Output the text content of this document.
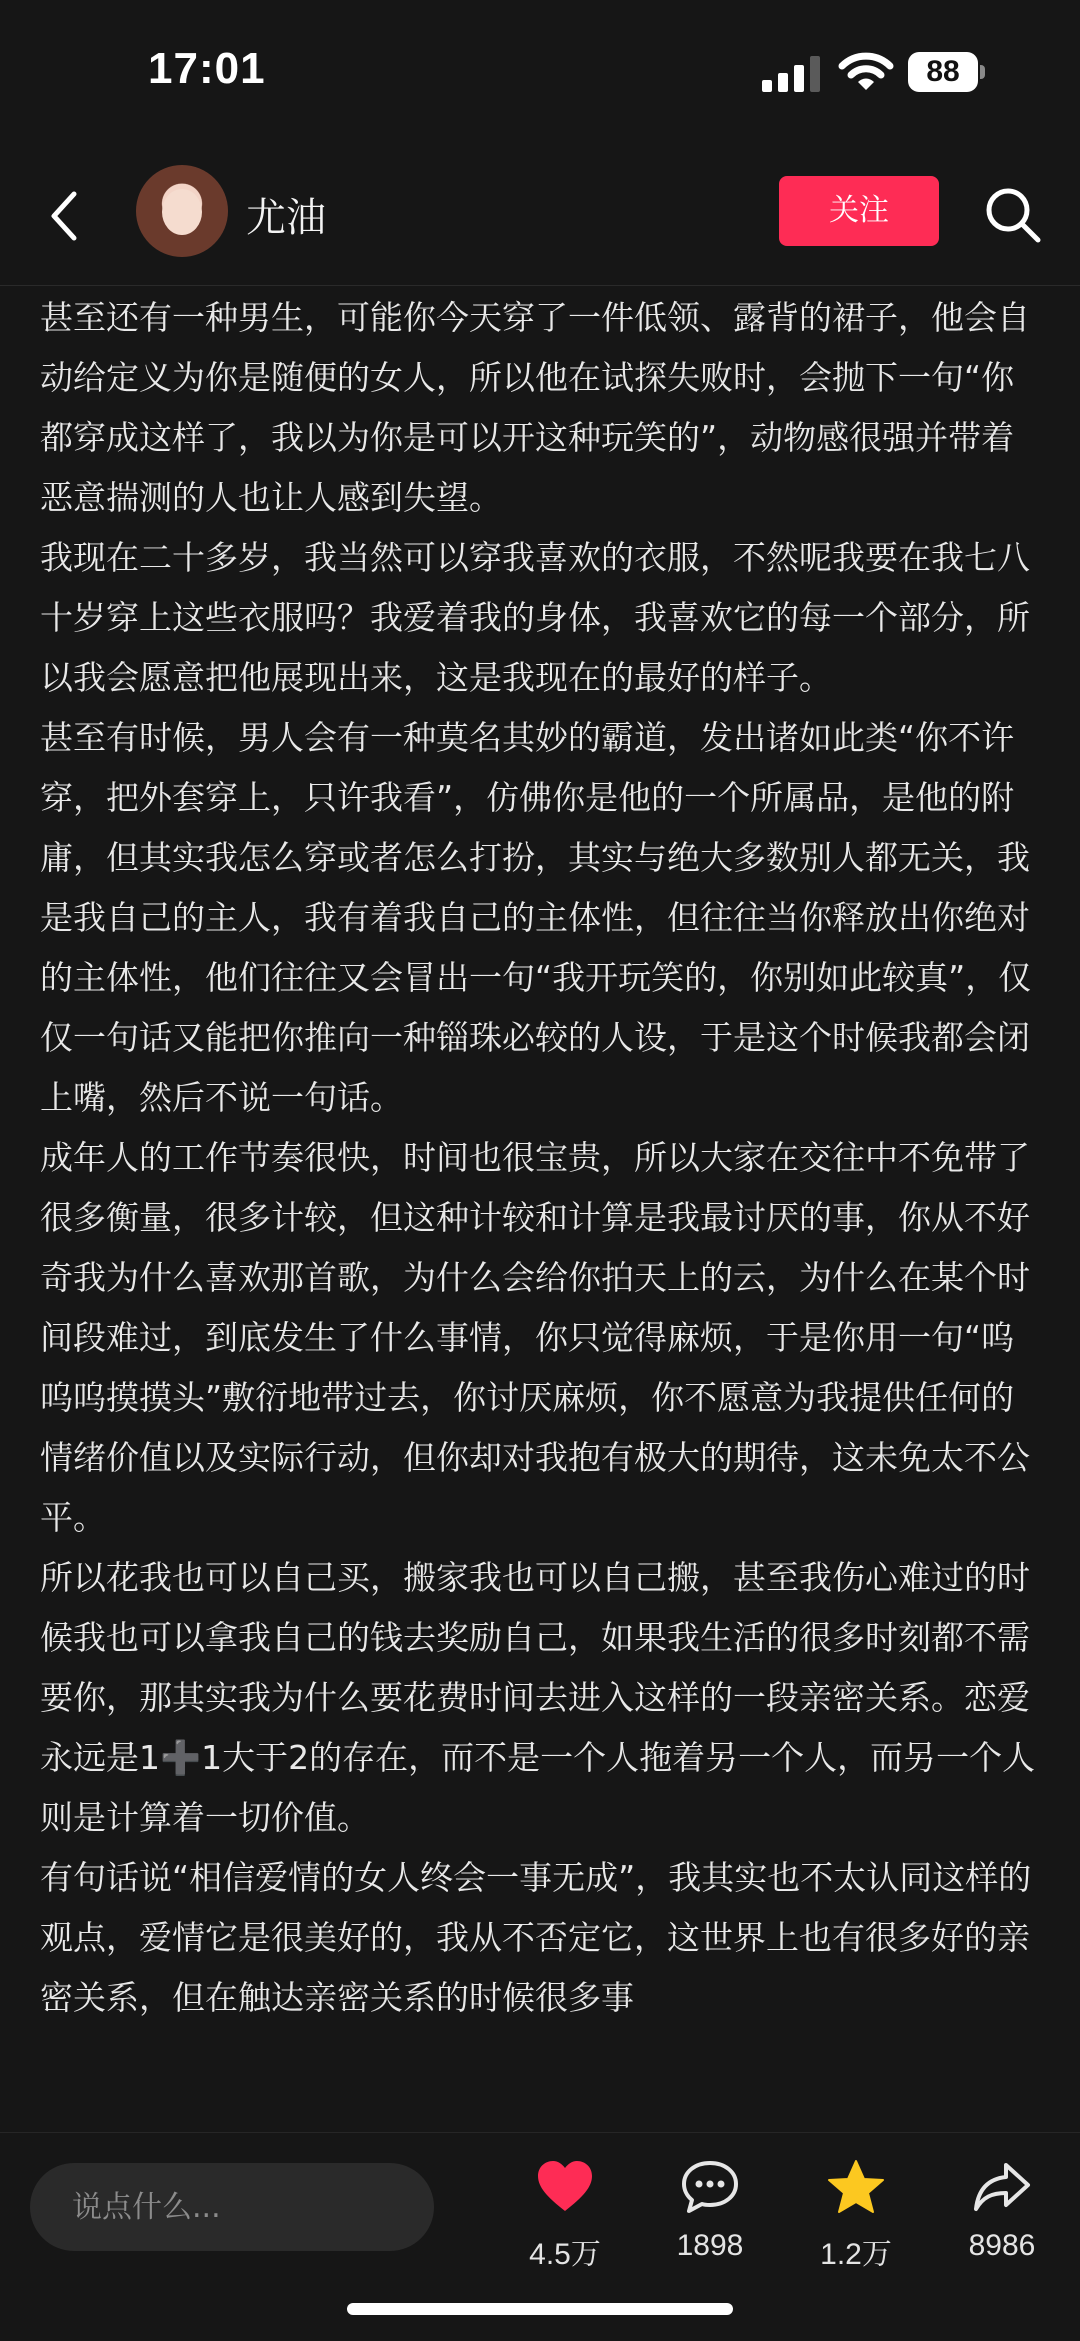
17:01	88
尤油	关注

甚至还有一种男生，可能你今天穿了一件低领、露背的裙子，他会自动给定义为你是随便的女人，所以他在试探失败时，会抛下一句“你都穿成这样了，我以为你是可以开这种玩笑的”，动物感很强并带着恶意揣测的人也让人感到失望。

我现在二十多岁，我当然可以穿我喜欢的衣服，不然呢我要在我七八十岁穿上这些衣服吗？我爱着我的身体，我喜欢它的每一个部分，所以我会愿意把他展现出来，这是我现在的最好的样子。

甚至有时候，男人会有一种莫名其妙的霸道，发出诸如此类“你不许穿，把外套穿上，只许我看”，仿佛你是他的一个所属品，是他的附庸，但其实我怎么穿或者怎么打扮，其实与绝大多数别人都无关，我是我自己的主人，我有着我自己的主体性，但往往当你释放出你绝对的主体性，他们往往又会冒出一句“我开玩笑的，你别如此较真”，仅仅一句话又能把你推向一种锱珠必较的人设，于是这个时候我都会闭上嘴，然后不说一句话。

成年人的工作节奏很快，时间也很宝贵，所以大家在交往中不免带了很多衡量，很多计较，但这种计较和计算是我最讨厌的事，你从不好奇我为什么喜欢那首歌，为什么会给你拍天上的云，为什么在某个时间段难过，到底发生了什么事情，你只觉得麻烦，于是你用一句“呜呜呜摸摸头”敷衍地带过去，你讨厌麻烦，你不愿意为我提供任何的情绪价值以及实际行动，但你却对我抱有极大的期待，这未免太不公平。

所以花我也可以自己买，搬家我也可以自己搬，甚至我伤心难过的时候我也可以拿我自己的钱去奖励自己，如果我生活的很多时刻都不需要你，那其实我为什么要花费时间去进入这样的一段亲密关系。恋爱永远是1➕1大于2的存在，而不是一个人拖着另一个人，而另一个人则是计算着一切价值。

有句话说“相信爱情的女人终会一事无成”，我其实也不太认同这样的观点，爱情它是很美好的，我从不否定它，这世界上也有很多好的亲密关系，但在触达亲密关系的时候很多事

说点什么...
4.5万	1898	1.2万	8986
